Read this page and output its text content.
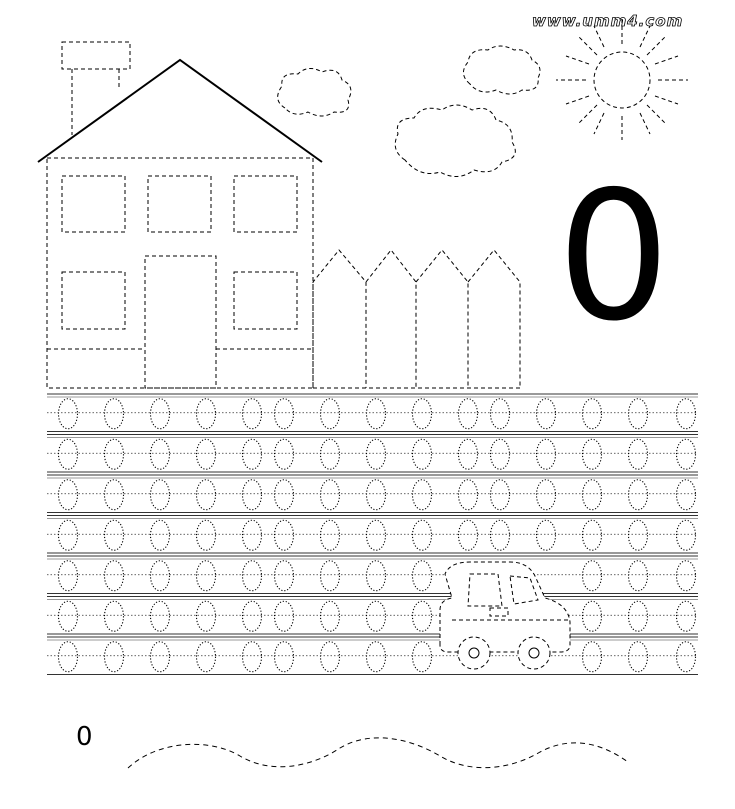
www.umm4.com
0
0
